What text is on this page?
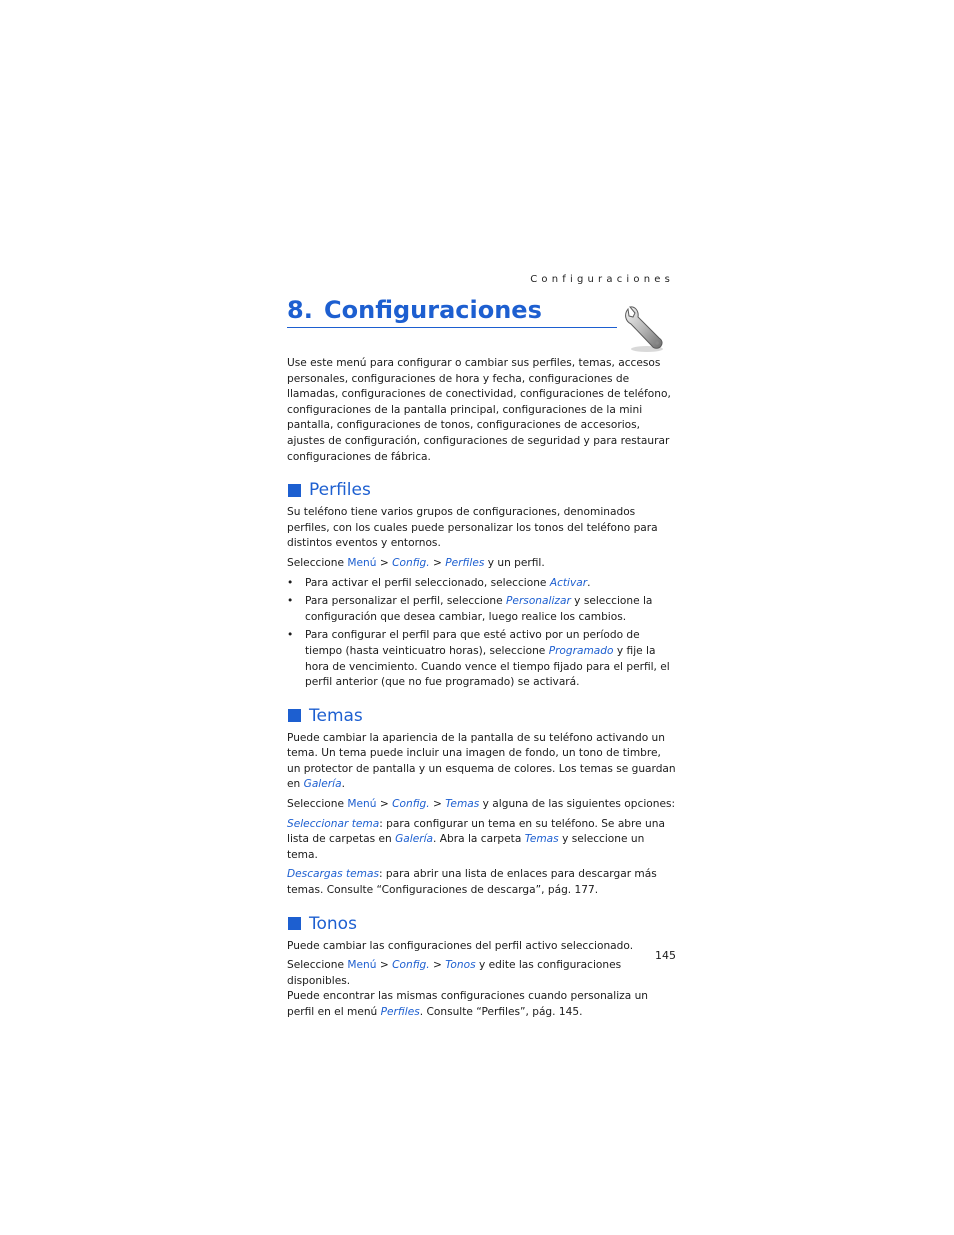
Configuraciones
8. Configuraciones

Use este menú para configurar o cambiar sus perfiles, temas, accesos personales, configuraciones de hora y fecha, configuraciones de llamadas, configuraciones de conectividad, configuraciones de teléfono, configuraciones de la pantalla principal, configuraciones de la mini pantalla, configuraciones de tonos, configuraciones de accesorios, ajustes de configuración, configuraciones de seguridad y para restaurar configuraciones de fábrica.

Perfiles

Su teléfono tiene varios grupos de configuraciones, denominados perfiles, con los cuales puede personalizar los tonos del teléfono para distintos eventos y entornos.

Seleccione Menú > Config. > Perfiles y un perfil.

• Para activar el perfil seleccionado, seleccione Activar.
• Para personalizar el perfil, seleccione Personalizar y seleccione la configuración que desea cambiar, luego realice los cambios.
• Para configurar el perfil para que esté activo por un período de tiempo (hasta veinticuatro horas), seleccione Programado y fije la hora de vencimiento. Cuando vence el tiempo fijado para el perfil, el perfil anterior (que no fue programado) se activará.
Temas

Puede cambiar la apariencia de la pantalla de su teléfono activando un tema. Un tema puede incluir una imagen de fondo, un tono de timbre, un protector de pantalla y un esquema de colores. Los temas se guardan en Galería.

Seleccione Menú > Config. > Temas y alguna de las siguientes opciones:

Seleccionar tema: para configurar un tema en su teléfono. Se abre una lista de carpetas en Galería. Abra la carpeta Temas y seleccione un tema.

Descargas temas: para abrir una lista de enlaces para descargar más temas. Consulte “Configuraciones de descarga”, pág. 177.

Tonos

Puede cambiar las configuraciones del perfil activo seleccionado.

Seleccione Menú > Config. > Tonos y edite las configuraciones disponibles.

Puede encontrar las mismas configuraciones cuando personaliza un perfil en el menú Perfiles. Consulte “Perfiles”, pág. 145.

145
